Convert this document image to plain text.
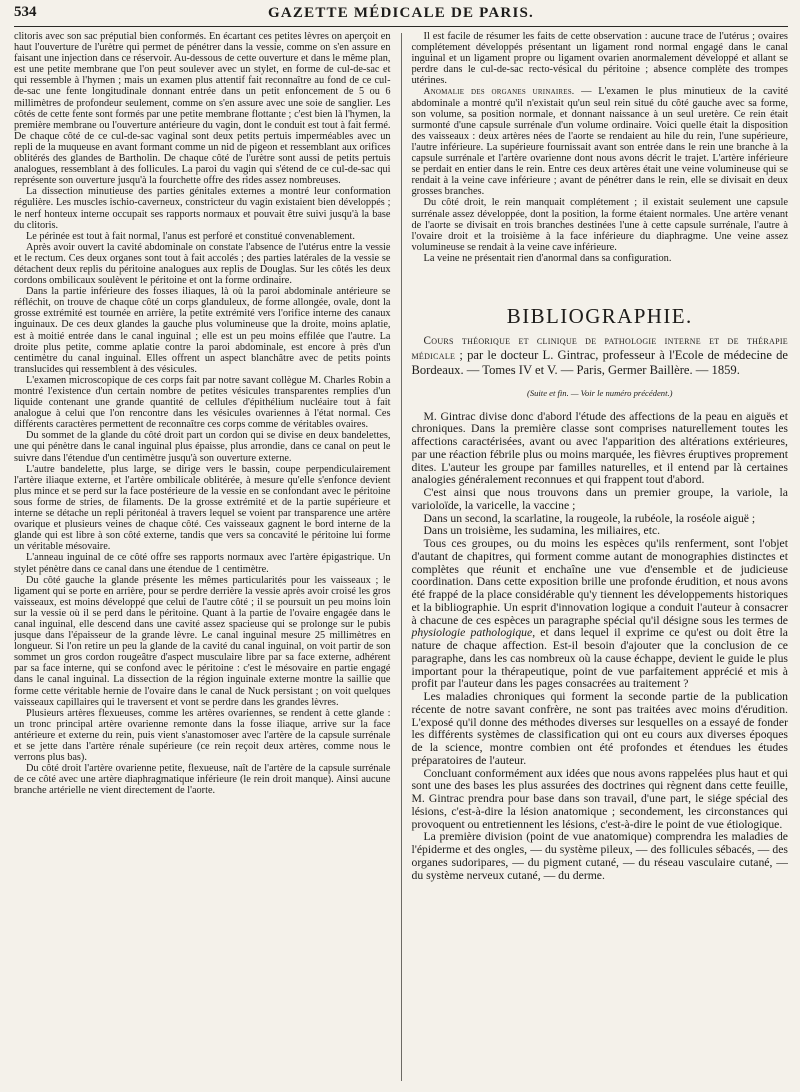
534	GAZETTE MÉDICALE DE PARIS.

clitoris avec son sac préputial bien conformés. En écartant ces petites lèvres on aperçoit en haut l'ouverture de l'urètre qui permet de pénétrer dans la vessie, comme on s'en assure en faisant une injection dans ce réservoir. Au-dessous de cette ouverture et dans le même plan, est une petite membrane que l'on peut soulever avec un stylet, en forme de cul-de-sac et qui ressemble à l'hymen ; mais un examen plus attentif fait reconnaître au fond de ce cul-de-sac une fente longitudinale donnant entrée dans un petit enfoncement de 5 ou 6 millimètres de profondeur seulement, comme on s'en assure avec une soie de sanglier. Les côtés de cette fente sont formés par une petite membrane flottante ; c'est bien là l'hymen, la première membrane ou l'ouverture antérieure du vagin, dont le conduit est tout à fait fermé. De chaque côté de ce cul-de-sac vaginal sont deux petits pertuis imperméables avec un repli de la muqueuse en avant formant comme un nid de pigeon et ressemblant aux orifices oblitérés des glandes de Bartholin. De chaque côté de l'urètre sont aussi de petits pertuis analogues, ressemblant à des follicules. La paroi du vagin qui s'étend de ce cul-de-sac qui représente son ouverture jusqu'à la fourchette offre des rides assez nombreuses.

La dissection minutieuse des parties génitales externes a montré leur conformation régulière. Les muscles ischio-caverneux, constricteur du vagin existaient bien développés ; le nerf honteux interne occupait ses rapports normaux et pouvait être suivi jusqu'à la base du clitoris.

Le périnée est tout à fait normal, l'anus est perforé et constitué convenablement.

Après avoir ouvert la cavité abdominale on constate l'absence de l'utérus entre la vessie et le rectum. Ces deux organes sont tout à fait accolés ; des parties latérales de la vessie se détachent deux replis du péritoine analogues aux replis de Douglas. Sur les côtés les deux cordons ombilicaux soulèvent le péritoine et ont la forme ordinaire.

Dans la partie inférieure des fosses iliaques, là où la paroi abdominale antérieure se réfléchit, on trouve de chaque côté un corps glanduleux, de forme allongée, ovale, dont la grosse extrémité est tournée en arrière, la petite extrémité vers l'orifice interne des canaux inguinaux. De ces deux glandes la gauche plus volumineuse que la droite, moins aplatie, est à moitié entrée dans le canal inguinal ; elle est un peu moins effilée que l'autre. La droite plus petite, comme aplatie contre la paroi abdominale, est encore à près d'un centimètre du canal inguinal. Elles offrent un aspect blanchâtre avec de petits points translucides qui ressemblent à des vésicules.

L'examen microscopique de ces corps fait par notre savant collègue M. Charles Robin a montré l'existence d'un certain nombre de petites vésicules transparentes remplies d'un liquide contenant une grande quantité de cellules d'épithélium nucléaire tout à fait analogue à celui que l'on rencontre dans les vésicules ovariennes à l'état normal. Ces différents caractères permettent de reconnaître ces corps comme de véritables ovaires.

Du sommet de la glande du côté droit part un cordon qui se divise en deux bandelettes, une qui pénètre dans le canal inguinal plus épaisse, plus arrondie, dans ce canal on peut le suivre dans l'étendue d'un centimètre jusqu'à son ouverture externe.

L'autre bandelette, plus large, se dirige vers le bassin, coupe perpendiculairement l'artère iliaque externe, et l'artère ombilicale oblitérée, à mesure qu'elle s'enfonce devient plus mince et se perd sur la face postérieure de la vessie en se confondant avec le péritoine sous forme de stries, de filaments. De la grosse extrémité et de la partie supérieure et interne se détache un repli péritonéal à travers lequel se voient par transparence une artère ovarique et plusieurs veines de chaque côté. Ces vaisseaux gagnent le bord interne de la glande qui est libre à son côté externe, tandis que vers sa concavité le péritoine lui forme un véritable mésovaire.

L'anneau inguinal de ce côté offre ses rapports normaux avec l'artère épigastrique. Un stylet pénètre dans ce canal dans une étendue de 1 centimètre.

Du côté gauche la glande présente les mêmes particularités pour les vaisseaux ; le ligament qui se porte en arrière, pour se perdre derrière la vessie après avoir croisé les gros vaisseaux, est moins développé que celui de l'autre côté ; il se poursuit un peu moins loin sur la vessie où il se perd dans le péritoine. Quant à la partie de l'ovaire engagée dans le canal inguinal, elle descend dans une cavité assez spacieuse qui se prolonge sur le pubis jusque dans l'épaisseur de la grande lèvre. Le canal inguinal mesure 25 millimètres en longueur. Si l'on retire un peu la glande de la cavité du canal inguinal, on voit partir de son sommet un gros cordon rougeâtre d'aspect musculaire libre par sa face externe, adhérent par sa face interne, qui se confond avec le péritoine : c'est le mésovaire en partie engagé dans le canal inguinal. La dissection de la région inguinale externe montre la saillie que forme cette véritable hernie de l'ovaire dans le canal de Nuck persistant ; on voit quelques vaisseaux capillaires qui le traversent et vont se perdre dans les grandes lèvres.

Plusieurs artères flexueuses, comme les artères ovariennes, se rendent à cette glande : un tronc principal artère ovarienne remonte dans la fosse iliaque, arrive sur la face antérieure et externe du rein, puis vient s'anastomoser avec l'artère de la capsule surrénale et se jette dans l'artère rénale supérieure (ce rein reçoit deux artères, comme nous le verrons plus bas).

Du côté droit l'artère ovarienne petite, flexueuse, naît de l'artère de la capsule surrénale de ce côté avec une artère diaphragmatique inférieure (le rein droit manque). Ainsi aucune branche artérielle ne vient directement de l'aorte.

Il est facile de résumer les faits de cette observation : aucune trace de l'utérus ; ovaires complétement développés présentant un ligament rond normal engagé dans le canal inguinal et un ligament propre ou ligament ovarien anormalement développé et allant se perdre dans le cul-de-sac recto-vésical du péritoine ; absence complète des trompes utérines.

Anomalie des organes urinaires. — L'examen le plus minutieux de la cavité abdominale a montré qu'il n'existait qu'un seul rein situé du côté gauche avec sa forme, son volume, sa position normale, et donnant naissance à un seul uretère. Ce rein était surmonté d'une capsule surrénale d'un volume ordinaire. Voici quelle était la disposition des vaisseaux : deux artères nées de l'aorte se rendaient au hile du rein, l'une supérieure, l'autre inférieure. La supérieure fournissait avant son entrée dans le rein une branche à la capsule surrénale et l'artère ovarienne dont nous avons décrit le trajet. L'artère inférieure se perdait en entier dans le rein. Entre ces deux artères était une veine volumineuse qui se rendait à la veine cave inférieure ; avant de pénétrer dans le rein, elle se divisait en deux grosses branches.

Du côté droit, le rein manquait complétement ; il existait seulement une capsule surrénale assez développée, dont la position, la forme étaient normales. Une artère venant de l'aorte se divisait en trois branches destinées l'une à cette capsule surrénale, l'autre à l'ovaire droit et la troisième à la face inférieure du diaphragme. Une veine assez volumineuse se rendait à la veine cave inférieure.

La veine ne présentait rien d'anormal dans sa configuration.

BIBLIOGRAPHIE.

Cours théorique et clinique de pathologie interne et de thérapie médicale ; par le docteur L. Gintrac, professeur à l'Ecole de médecine de Bordeaux. — Tomes IV et V. — Paris, Germer Baillère. — 1859.

(Suite et fin. — Voir le numéro précédent.)

M. Gintrac divise donc d'abord l'étude des affections de la peau en aiguës et chroniques. Dans la première classe sont comprises naturellement toutes les affections caractérisées, avant ou avec l'apparition des altérations extérieures, par une réaction fébrile plus ou moins marquée, les fièvres éruptives proprement dites. L'auteur les groupe par familles naturelles, et il entend par là certaines analogies généralement reconnues et qui frappent tout d'abord.

C'est ainsi que nous trouvons dans un premier groupe, la variole, la varioloïde, la varicelle, la vaccine ;

Dans un second, la scarlatine, la rougeole, la rubéole, la roséole aiguë ;

Dans un troisième, les sudamina, les miliaires, etc.

Tous ces groupes, ou du moins les espèces qu'ils renferment, sont l'objet d'autant de chapitres, qui forment comme autant de monographies distinctes et complètes que réunit et enchaîne une vue d'ensemble et de judicieuse coordination. Dans cette exposition brille une profonde érudition, et nous avons été frappé de la place considérable qu'y tiennent les développements historiques et la bibliographie. Un esprit d'innovation logique a conduit l'auteur à consacrer à chacune de ces espèces un paragraphe spécial qu'il désigne sous les termes de physiologie pathologique, et dans lequel il exprime ce qu'est ou doit être la nature de chaque affection. Est-il besoin d'ajouter que la conclusion de ce paragraphe, dans les cas nombreux où la cause échappe, devient le guide le plus important pour la thérapeutique, point de vue parfaitement apprécié et mis à profit par l'auteur dans les pages consacrées au traitement ?

Les maladies chroniques qui forment la seconde partie de la publication récente de notre savant confrère, ne sont pas traitées avec moins d'érudition. L'exposé qu'il donne des méthodes diverses sur lesquelles on a essayé de fonder les différents systèmes de classification qui ont eu cours aux diverses époques de la science, montre combien ont été profondes et étendues les études préparatoires de l'auteur.

Concluant conformément aux idées que nous avons rappelées plus haut et qui sont une des bases les plus assurées des doctrines qui règnent dans cette feuille, M. Gintrac prendra pour base dans son travail, d'une part, le siége spécial des lésions, c'est-à-dire la lésion anatomique ; secondement, les circonstances qui provoquent ou entretiennent les lésions, c'est-à-dire le point de vue étiologique.

La première division (point de vue anatomique) comprendra les maladies de l'épiderme et des ongles, — du système pileux, — des follicules sébacés, — des organes sudoripares, — du pigment cutané, — du réseau vasculaire cutané, — du système nerveux cutané, — du derme.
